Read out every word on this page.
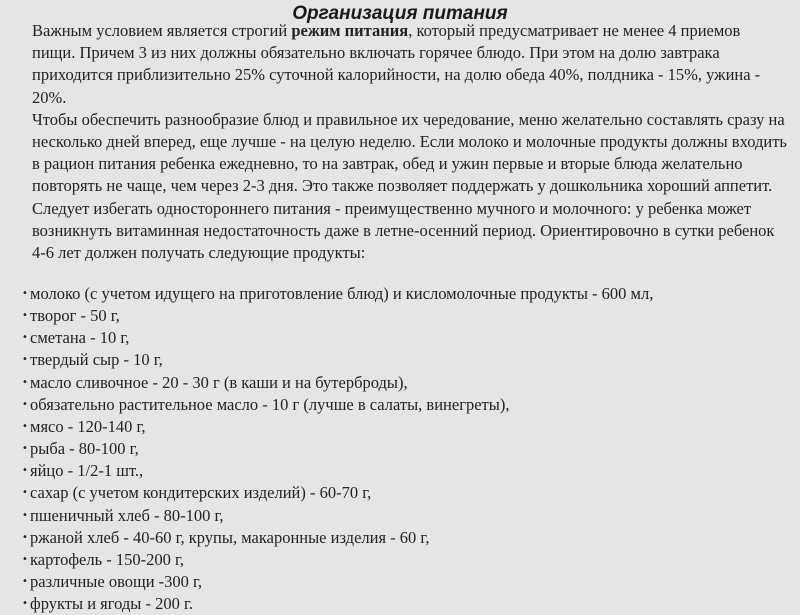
Организация питания

Важным условием является строгий режим питания, который предусматривает не менее 4 приемов пищи. Причем 3 из них должны обязательно включать горячее блюдо. При этом на долю завтрака приходится приблизительно 25% суточной калорийности, на долю обеда 40%, полдника - 15%, ужина - 20%.

Чтобы обеспечить разнообразие блюд и правильное их чередование, меню желательно составлять сразу на несколько дней вперед, еще лучше - на целую неделю. Если молоко и молочные продукты должны входить в рацион питания ребенка ежедневно, то на завтрак, обед и ужин первые и вторые блюда желательно повторять не чаще, чем через 2-3 дня. Это также позволяет поддержать у дошкольника хороший аппетит. Следует избегать одностороннего питания - преимущественно мучного и молочного: у ребенка может возникнуть витаминная недостаточность даже в летне-осенний период. Ориентировочно в сутки ребенок 4-6 лет должен получать следующие продукты:

• молоко (с учетом идущего на приготовление блюд) и кисломолочные продукты - 600 мл,
• творог - 50 г,
• сметана - 10 г,
• твердый сыр - 10 г,
• масло сливочное - 20 - 30 г (в каши и на бутерброды),
• обязательно растительное масло - 10 г (лучше в салаты, винегреты),
• мясо - 120-140 г,
• рыба - 80-100 г,
• яйцо - 1/2-1 шт.,
• сахар (с учетом кондитерских изделий) - 60-70 г,
• пшеничный хлеб - 80-100 г,
• ржаной хлеб - 40-60 г, крупы, макаронные изделия - 60 г,
• картофель - 150-200 г,
• различные овощи -300 г,
• фрукты и ягоды - 200 г.
